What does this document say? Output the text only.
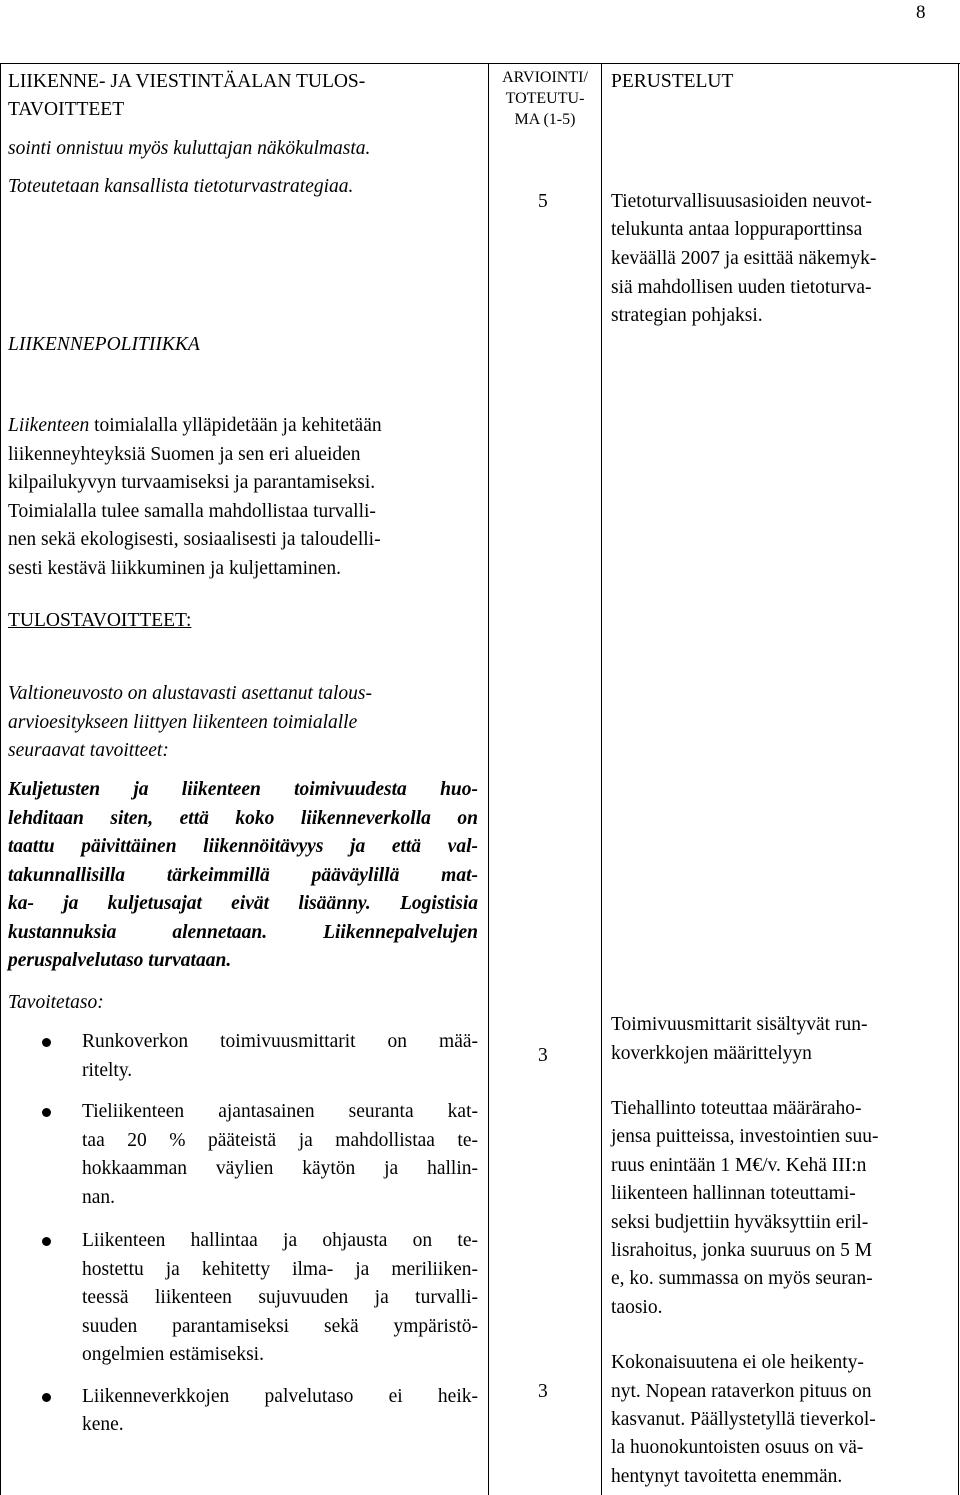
8
LIIKENNE- JA VIESTINTÄALAN TULOS-
TAVOITTEET
ARVIOINTI/
TOTEUTU-
MA (1-5)
PERUSTELUT
sointi onnistuu myös kuluttajan näkökulmasta.
Toteutetaan kansallista tietoturvastrategiaa.
5	Tietoturvallisuusasioiden neuvot-
telukunta antaa loppuraporttinsa
keväällä 2007 ja esittää näkemyk-
siä mahdollisen uuden tietoturva-
strategian pohjaksi.
LIIKENNEPOLITIIKKA
Liikenteen toimialalla ylläpidetään ja kehitetään
liikenneyhteyksiä Suomen ja sen eri alueiden
kilpailukyvyn turvaamiseksi ja parantamiseksi.
Toimialalla tulee samalla mahdollistaa turvalli-
nen sekä ekologisesti, sosiaalisesti ja taloudelli-
sesti kestävä liikkuminen ja kuljettaminen.
TULOSTAVOITTEET:
Valtioneuvosto on alustavasti asettanut talous-
arvioesitykseen liittyen liikenteen toimialalle
seuraavat tavoitteet:
Kuljetusten ja liikenteen toimivuudesta huo-
lehditaan siten, että koko liikenneverkolla on
taattu päivittäinen liikennöitävyys ja että val-
takunnallisilla tärkeimmillä pääväylillä mat-
ka- ja kuljetusajat eivät lisäänny. Logistisia
kustannuksia alennetaan. Liikennepalvelujen
peruspalvelutaso turvataan.
Tavoitetaso:
Runkoverkon toimivuusmittarit on mää-
ritelty.
3
Toimivuusmittarit sisältyvät run-
koverkkojen määrittelyyn
Tieliikenteen ajantasainen seuranta kat-
taa 20 % pääteistä ja mahdollistaa te-
hokkaamman väylien käytön ja hallin-
nan.
Tiehallinto toteuttaa määräraho-
jensa puitteissa, investointien suu-
ruus enintään 1 M€/v. Kehä III:n
liikenteen hallinnan toteuttami-
seksi budjettiin hyväksyttiin eril-
lisrahoitus, jonka suuruus on 5 M
e, ko. summassa on myös seuran-
taosio.
Liikenteen hallintaa ja ohjausta on te-
hostettu ja kehitetty ilma- ja meriliiken-
teessä liikenteen sujuvuuden ja turvalli-
suuden parantamiseksi sekä ympäristö-
ongelmien estämiseksi.
Liikenneverkkojen palvelutaso ei heik-
kene.
3
Kokonaisuutena ei ole heikenty-
nyt. Nopean rataverkon pituus on
kasvanut. Päällystetyllä tieverkol-
la huonokuntoisten osuus on vä-
hentynyt tavoitetta enemmän.
